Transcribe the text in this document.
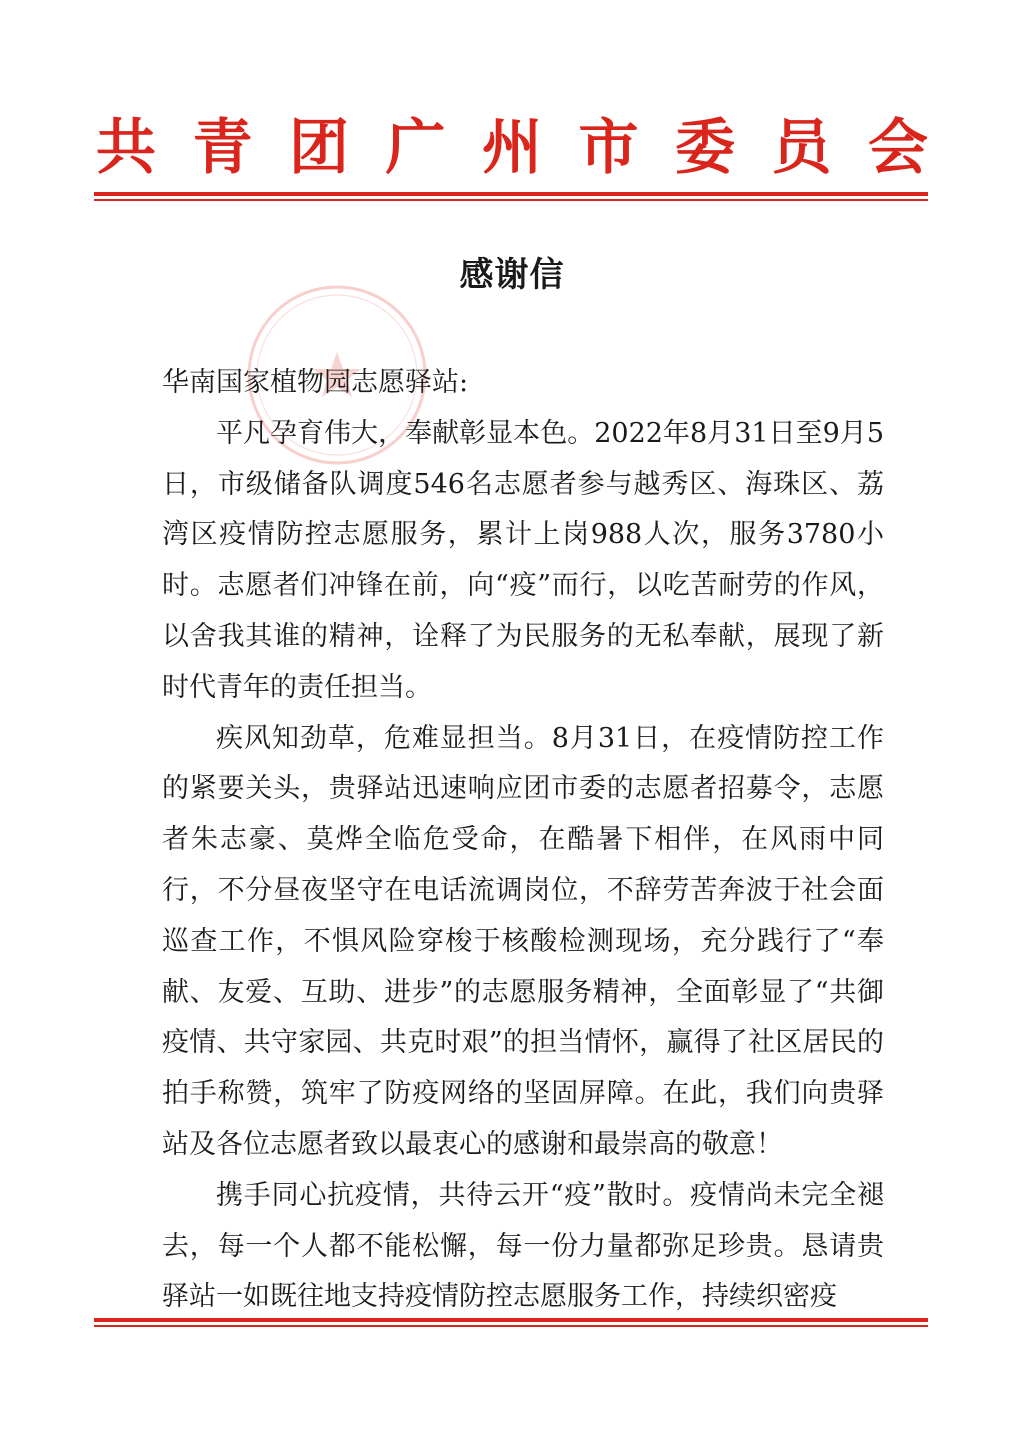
共 青 团 广 州 市 委 员 会
感谢信

华南国家植物园志愿驿站:

平凡孕育伟大，奉献彰显本色。2022年8月31日至9月5日，市级储备队调度546名志愿者参与越秀区、海珠区、荔湾区疫情防控志愿服务，累计上岗988人次，服务3780小时。志愿者们冲锋在前，向“疫”而行，以吃苦耐劳的作风，以舍我其谁的精神，诠释了为民服务的无私奉献，展现了新时代青年的责任担当。

疾风知劲草，危难显担当。8月31日，在疫情防控工作的紧要关头，贵驿站迅速响应团市委的志愿者招募令，志愿者朱志豪、莫烨全临危受命，在酷暑下相伴，在风雨中同行，不分昼夜坚守在电话流调岗位，不辞劳苦奔波于社会面巡查工作，不惧风险穿梭于核酸检测现场，充分践行了“奉献、友爱、互助、进步”的志愿服务精神，全面彰显了“共御疫情、共守家园、共克时艰”的担当情怀，赢得了社区居民的拍手称赞，筑牢了防疫网络的坚固屏障。在此，我们向贵驿站及各位志愿者致以最衷心的感谢和最崇高的敬意！

携手同心抗疫情，共待云开“疫”散时。疫情尚未完全褪去，每一个人都不能松懈，每一份力量都弥足珍贵。恳请贵驿站一如既往地支持疫情防控志愿服务工作，持续织密疫
